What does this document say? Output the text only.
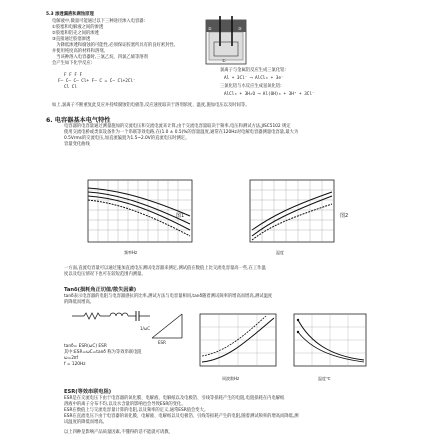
5.3 渗透漏液和腐蚀原理
电解液中,微量可能通过以下三种途径渗入电容器:
①胶塞和电解液之间的渗透
②胶塞和铝壳之间的渗透
③直接通过胶塞渗透
　为降低渗透和腐蚀的可能性,必须保证胶塞所具有的良好密封性,
并使用纯度高的材料和溶剂。
　当该种溶入电容器时,三氯乙烷、四氯乙烯等溶剂
会产生如下化学反应:
①
②	③
F F F F
F— C— C— Cl+ F— C = C— Cl+2Cl⁻
Cl Cl
氯离子与金属铝反应生成三氯化铝:
Al + 3Cl⁻ ⟶ AlCl₃ + 3e⁻
三氯化铝与水反应生成氢氧化铝:
AlCl₃ + 3H₂O ⟶ Al(OH)₃ + 3H⁺ + 3Cl⁻
如上,氯离子不断重复此反应并持续腐蚀铝电极箔,反应速度取决于溶剂浓度、温度,施加电压以及时间等。
6. 电容器基本电气特性
电容器的电容量通过测量施加的交流电压和交流电流来计算,由于交流电容量取决于频率,电压和测试方法,JISC5102 规定
使用交流电桥或类似设备作为一个串联等效电路,在(1.0 ± 0.5)%的容量温度,通常在120Hz对电解电容器测量电容量,最大为
0.5Vrms的交流电压,加直流偏置为1.5~2.0V的直流电压时测定。
容量变化曲线
图1
频率Hz
图2
温度
一方面,直流电容量可以通过施加直流电压测试电容器来测定,测试值在数值上比交流电容量高一些,在工作温
度以及电压情况下也可在较短范围内测量。
Tanδ(损耗角正切值/散失因素)
tanδ表示电容器的电阻与电容器感抗的比率,测试方法与电容量相同,tanδ随着测试频率的增高而增高,测试温度
的降低而增高。
1/ωC
ESR
tanδ= ESR(ωC) ESR
其中:ESR=ωC=tanδ 称为等效串联电阻
ω=2πf
f = 120Hz
周波数Hz	温度℃
ESR(等效串联电阻)
ESR是在交流电压下由于电容器的氧化膜、电解液、电解纸以及电极箔、引线等损耗产生的电阻,电阻损耗在内电解纸
溶液中的离子分布不均,以及水含量的影响也会导致ESR的变化。
ESR在数值上与交流电容量计算的电阻,以及频率的定义,通常ESR值会变大。
ESR在直流电压下由于电容器的氧化膜、电解液、电解纸以及电极箔、引线等损耗产生的电阻,随着测试频率的增高而降低,测
试温度的降低而增高。
以上四种是影响产品质量因素,不懂得的话不能就可请教。
